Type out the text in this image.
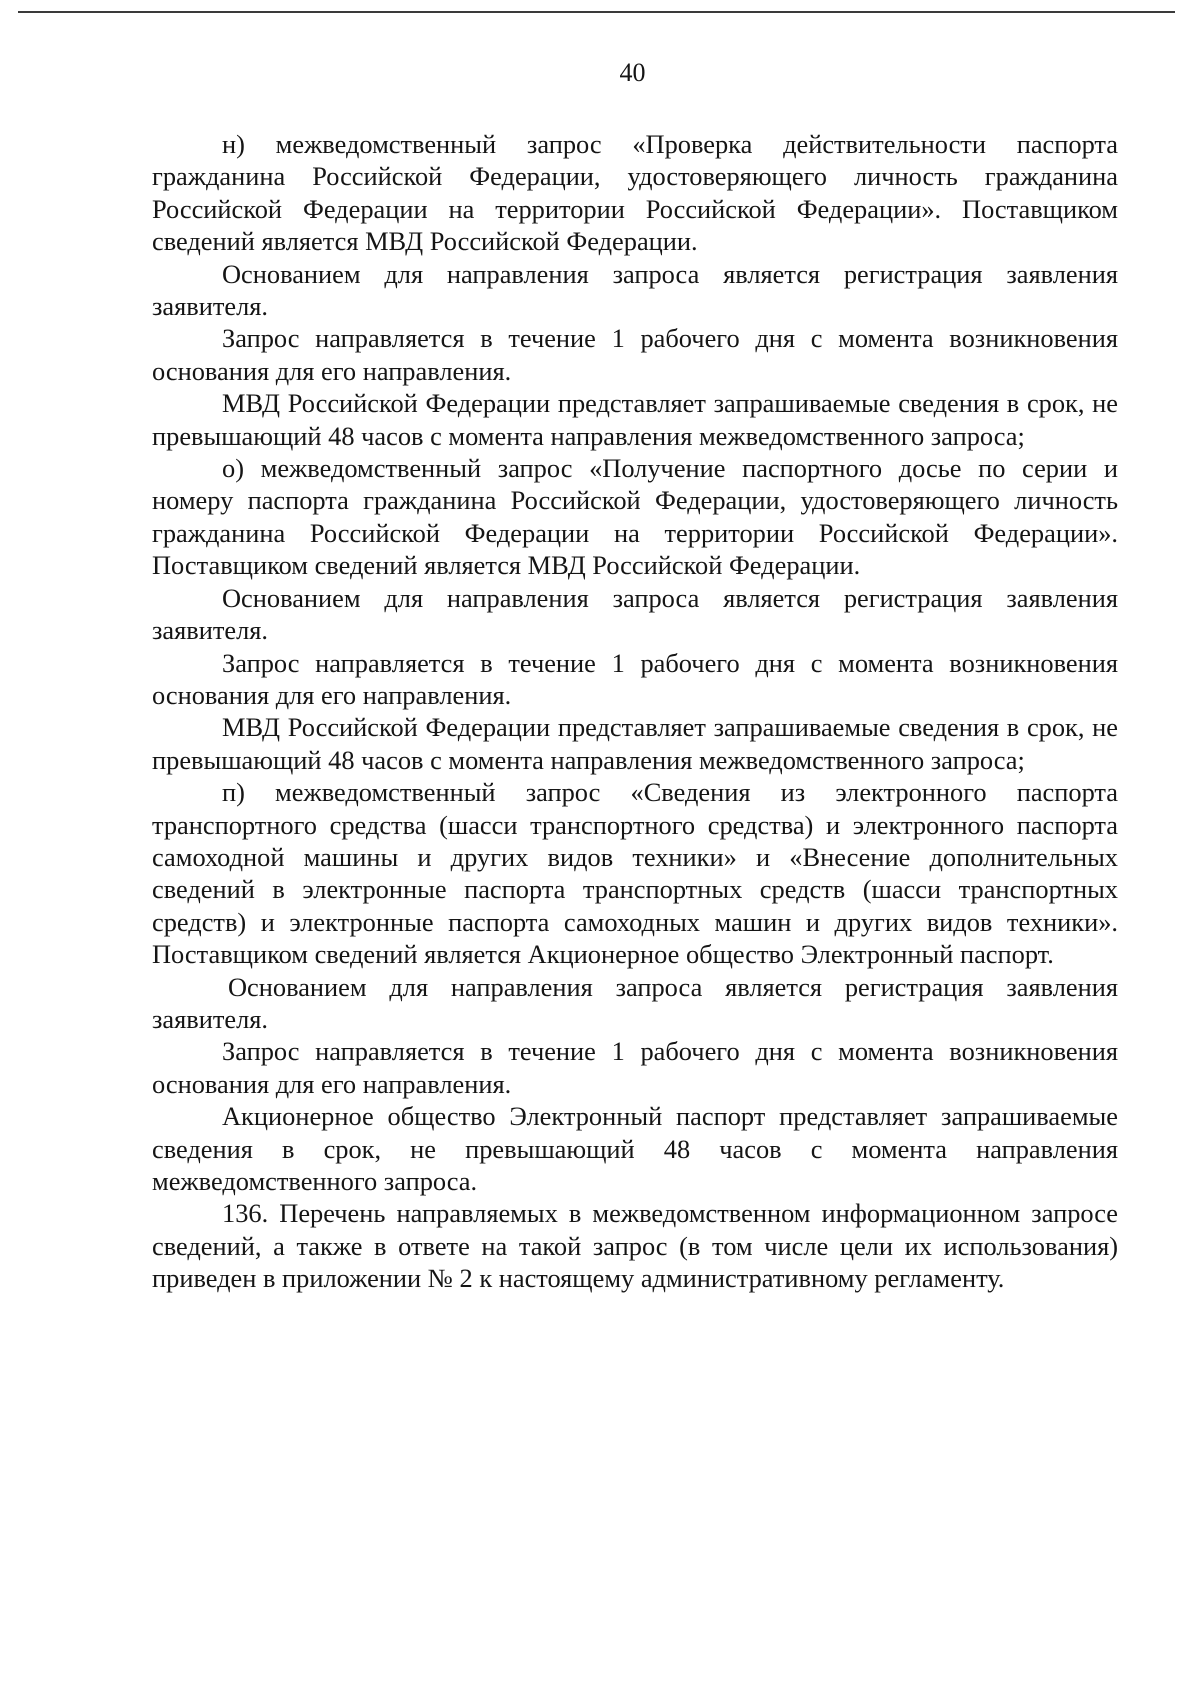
40

н) межведомственный запрос «Проверка действительности паспорта гражданина Российской Федерации, удостоверяющего личность гражданина Российской Федерации на территории Российской Федерации». Поставщиком сведений является МВД Российской Федерации.

Основанием для направления запроса является регистрация заявления заявителя.

Запрос направляется в течение 1 рабочего дня с момента возникновения основания для его направления.

МВД Российской Федерации представляет запрашиваемые сведения в срок, не превышающий 48 часов с момента направления межведомственного запроса;

о) межведомственный запрос «Получение паспортного досье по серии и номеру паспорта гражданина Российской Федерации, удостоверяющего личность гражданина Российской Федерации на территории Российской Федерации». Поставщиком сведений является МВД Российской Федерации.

Основанием для направления запроса является регистрация заявления заявителя.

Запрос направляется в течение 1 рабочего дня с момента возникновения основания для его направления.

МВД Российской Федерации представляет запрашиваемые сведения в срок, не превышающий 48 часов с момента направления межведомственного запроса;

п) межведомственный запрос «Сведения из электронного паспорта транспортного средства (шасси транспортного средства) и электронного паспорта самоходной машины и других видов техники» и «Внесение дополнительных сведений в электронные паспорта транспортных средств (шасси транспортных средств) и электронные паспорта самоходных машин и других видов техники». Поставщиком сведений является Акционерное общество Электронный паспорт.

Основанием для направления запроса является регистрация заявления заявителя.

Запрос направляется в течение 1 рабочего дня с момента возникновения основания для его направления.

Акционерное общество Электронный паспорт представляет запрашиваемые сведения в срок, не превышающий 48 часов с момента направления межведомственного запроса.

136. Перечень направляемых в межведомственном информационном запросе сведений, а также в ответе на такой запрос (в том числе цели их использования) приведен в приложении № 2 к настоящему административному регламенту.
